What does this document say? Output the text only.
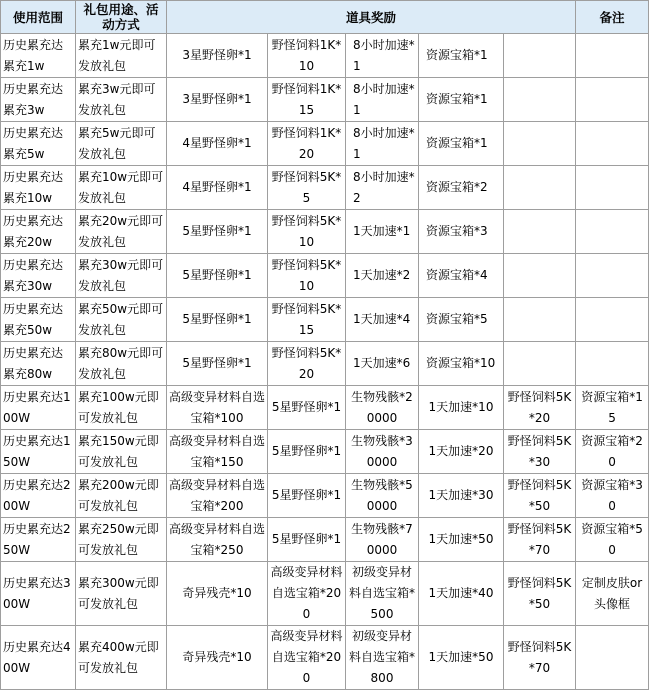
使用范围	礼包用途、活动方式	道具奖励					备注
历史累充达累充1w	累充1w元即可发放礼包	3星野怪卵*1	野怪饲料1K*10	8小时加速*1	资源宝箱*1		
历史累充达累充3w	累充3w元即可发放礼包	3星野怪卵*1	野怪饲料1K*15	8小时加速*1	资源宝箱*1		
历史累充达累充5w	累充5w元即可发放礼包	4星野怪卵*1	野怪饲料1K*20	8小时加速*1	资源宝箱*1		
历史累充达累充10w	累充10w元即可发放礼包	4星野怪卵*1	野怪饲料5K*5	8小时加速*2	资源宝箱*2		
历史累充达累充20w	累充20w元即可发放礼包	5星野怪卵*1	野怪饲料5K*10	1天加速*1	资源宝箱*3		
历史累充达累充30w	累充30w元即可发放礼包	5星野怪卵*1	野怪饲料5K*10	1天加速*2	资源宝箱*4		
历史累充达累充50w	累充50w元即可发放礼包	5星野怪卵*1	野怪饲料5K*15	1天加速*4	资源宝箱*5		
历史累充达累充80w	累充80w元即可发放礼包	5星野怪卵*1	野怪饲料5K*20	1天加速*6	资源宝箱*10		
历史累充达100W	累充100w元即可发放礼包	高级变异材料自选宝箱*100	5星野怪卵*1	生物残骸*20000	1天加速*10	野怪饲料5K*20	资源宝箱*15
历史累充达150W	累充150w元即可发放礼包	高级变异材料自选宝箱*150	5星野怪卵*1	生物残骸*30000	1天加速*20	野怪饲料5K*30	资源宝箱*20
历史累充达200W	累充200w元即可发放礼包	高级变异材料自选宝箱*200	5星野怪卵*1	生物残骸*50000	1天加速*30	野怪饲料5K*50	资源宝箱*30
历史累充达250W	累充250w元即可发放礼包	高级变异材料自选宝箱*250	5星野怪卵*1	生物残骸*70000	1天加速*50	野怪饲料5K*70	资源宝箱*50
历史累充达300W	累充300w元即可发放礼包	奇异残壳*10	高级变异材料自选宝箱*200	初级变异材料自选宝箱*500	1天加速*40	野怪饲料5K*50	定制皮肤or头像框
历史累充达400W	累充400w元即可发放礼包	奇异残壳*10	高级变异材料自选宝箱*200	初级变异材料自选宝箱*800	1天加速*50	野怪饲料5K*70	
